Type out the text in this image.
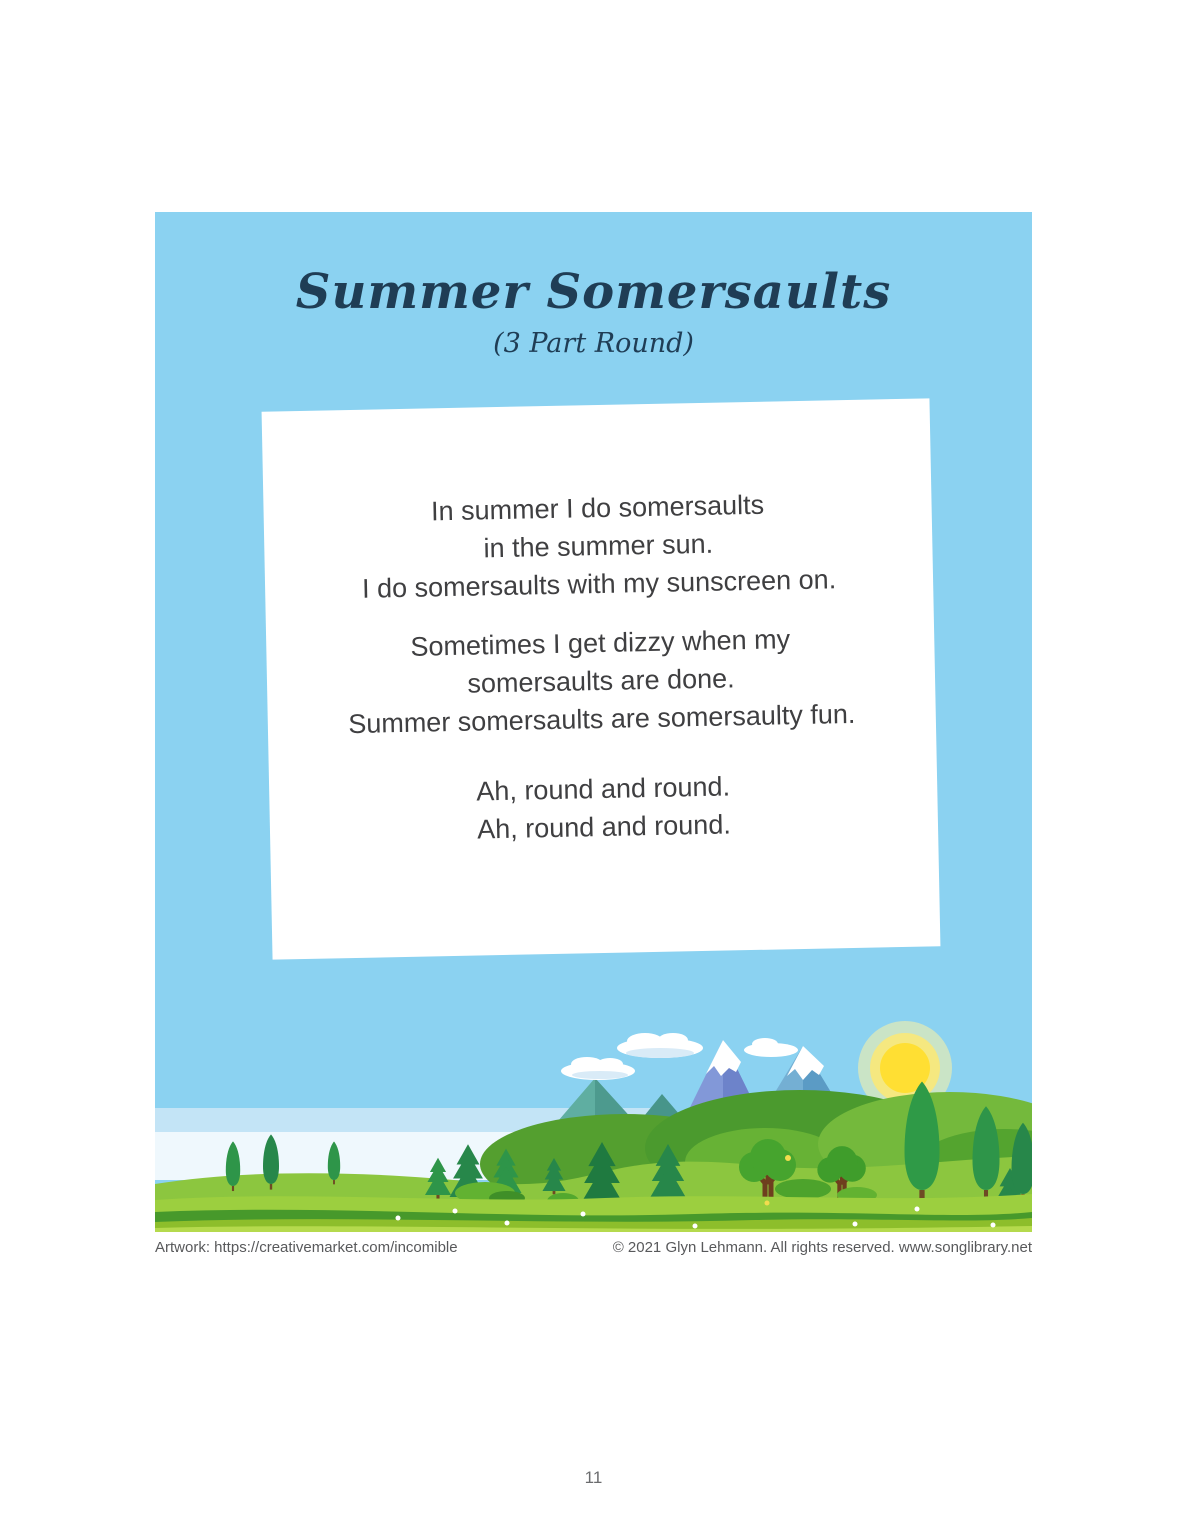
Summer Somersaults
(3 Part Round)

In summer I do somersaults
in the summer sun.
I do somersaults with my sunscreen on.

Sometimes I get dizzy when my
somersaults are done.
Summer somersaults are somersaulty fun.

Ah, round and round.
Ah, round and round.

Artwork: https://creativemarket.com/incomible	© 2021 Glyn Lehmann. All rights reserved. www.songlibrary.net
11
